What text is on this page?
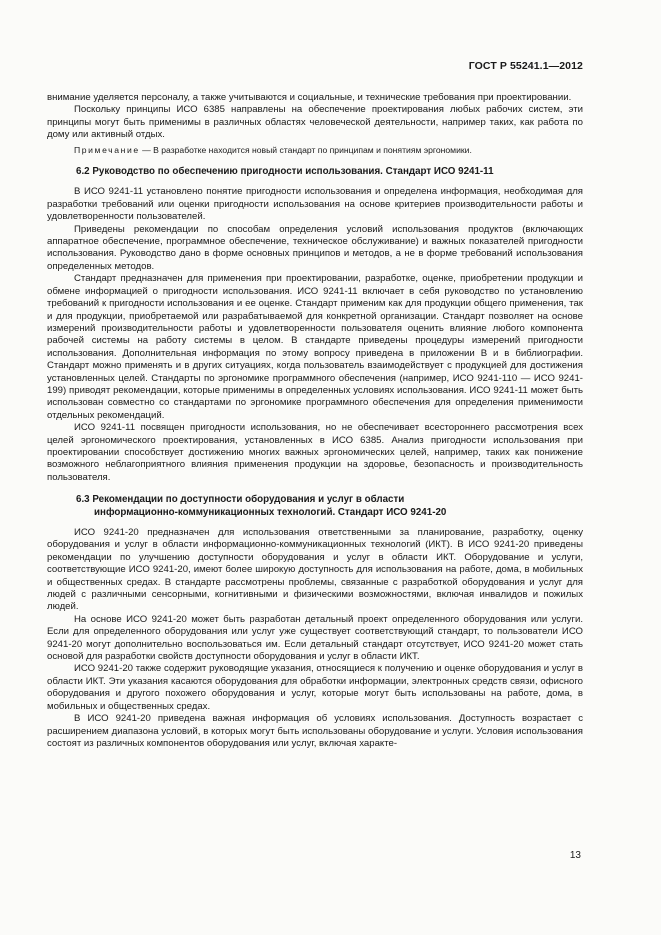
ГОСТ Р 55241.1—2012

внимание уделяется персоналу, а также учитываются и социальные, и технические требования при проектировании.

Поскольку принципы ИСО 6385 направлены на обеспечение проектирования любых рабочих систем, эти принципы могут быть применимы в различных областях человеческой деятельности, например таких, как работа по дому или активный отдых.

Примечание — В разработке находится новый стандарт по принципам и понятиям эргономики.

6.2 Руководство по обеспечению пригодности использования. Стандарт ИСО 9241-11

В ИСО 9241-11 установлено понятие пригодности использования и определена информация, необходимая для разработки требований или оценки пригодности использования на основе критериев производительности работы и удовлетворенности пользователей.

Приведены рекомендации по способам определения условий использования продуктов (включающих аппаратное обеспечение, программное обеспечение, техническое обслуживание) и важных показателей пригодности использования. Руководство дано в форме основных принципов и методов, а не в форме требований использования определенных методов.

Стандарт предназначен для применения при проектировании, разработке, оценке, приобретении продукции и обмене информацией о пригодности использования. ИСО 9241-11 включает в себя руководство по установлению требований к пригодности использования и ее оценке. Стандарт применим как для продукции общего применения, так и для продукции, приобретаемой или разрабатываемой для конкретной организации. Стандарт позволяет на основе измерений производительности работы и удовлетворенности пользователя оценить влияние любого компонента рабочей системы на работу системы в целом. В стандарте приведены процедуры измерений пригодности использования. Дополнительная информация по этому вопросу приведена в приложении В и в библиографии. Стандарт можно применять и в других ситуациях, когда пользователь взаимодействует с продукцией для достижения установленных целей. Стандарты по эргономике программного обеспечения (например, ИСО 9241-110 — ИСО 9241-199) приводят рекомендации, которые применимы в определенных условиях использования. ИСО 9241-11 может быть использован совместно со стандартами по эргономике программного обеспечения для определения применимости отдельных рекомендаций.

ИСО 9241-11 посвящен пригодности использования, но не обеспечивает всестороннего рассмотрения всех целей эргономического проектирования, установленных в ИСО 6385. Анализ пригодности использования при проектировании способствует достижению многих важных эргономических целей, например, таких как понижение возможного неблагоприятного влияния применения продукции на здоровье, безопасность и производительность пользователя.

6.3 Рекомендации по доступности оборудования и услуг в области
информационно-коммуникационных технологий. Стандарт ИСО 9241-20

ИСО 9241-20 предназначен для использования ответственными за планирование, разработку, оценку оборудования и услуг в области информационно-коммуникационных технологий (ИКТ). В ИСО 9241-20 приведены рекомендации по улучшению доступности оборудования и услуг в области ИКТ. Оборудование и услуги, соответствующие ИСО 9241-20, имеют более широкую доступность для использования на работе, дома, в мобильных и общественных средах. В стандарте рассмотрены проблемы, связанные с разработкой оборудования и услуг для людей с различными сенсорными, когнитивными и физическими возможностями, включая инвалидов и пожилых людей.

На основе ИСО 9241-20 может быть разработан детальный проект определенного оборудования или услуги. Если для определенного оборудования или услуг уже существует соответствующий стандарт, то пользователи ИСО 9241-20 могут дополнительно воспользоваться им. Если детальный стандарт отсутствует, ИСО 9241-20 может стать основой для разработки свойств доступности оборудования и услуг в области ИКТ.

ИСО 9241-20 также содержит руководящие указания, относящиеся к получению и оценке оборудования и услуг в области ИКТ. Эти указания касаются оборудования для обработки информации, электронных средств связи, офисного оборудования и другого похожего оборудования и услуг, которые могут быть использованы на работе, дома, в мобильных и общественных средах.

В ИСО 9241-20 приведена важная информация об условиях использования. Доступность возрастает с расширением диапазона условий, в которых могут быть использованы оборудование и услуги. Условия использования состоят из различных компонентов оборудования или услуг, включая характе-

13
